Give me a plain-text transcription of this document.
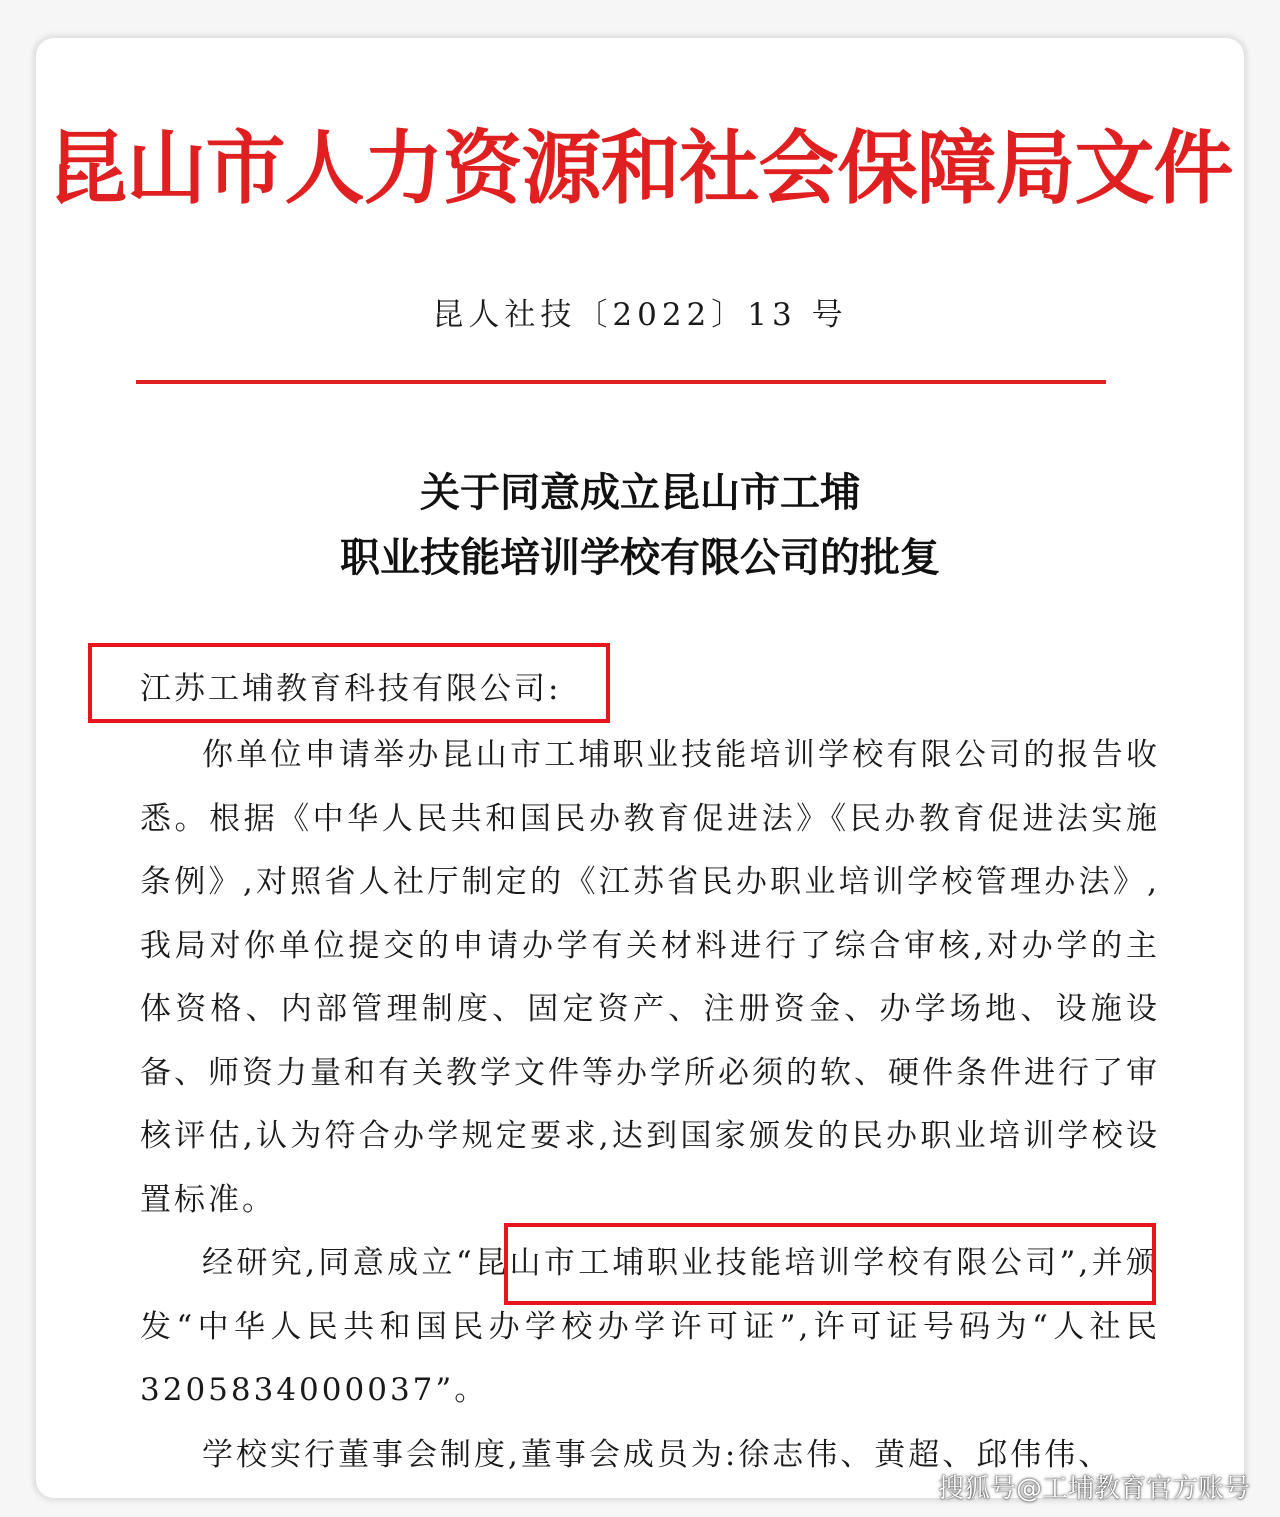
昆山市人力资源和社会保障局文件
昆人社技〔2022〕13 号
关于同意成立昆山市工埔
职业技能培训学校有限公司的批复
江苏工埔教育科技有限公司:
你单位申请举办昆山市工埔职业技能培训学校有限公司的报告收悉。根据《中华人民共和国民办教育促进法》《民办教育促进法实施条例》,对照省人社厅制定的《江苏省民办职业培训学校管理办法》,我局对你单位提交的申请办学有关材料进行了综合审核,对办学的主体资格、内部管理制度、固定资产、注册资金、办学场地、设施设备、师资力量和有关教学文件等办学所必须的软、硬件条件进行了审核评估,认为符合办学规定要求,达到国家颁发的民办职业培训学校设置标准。
经研究,同意成立“昆山市工埔职业技能培训学校有限公司”,并颁发“中华人民共和国民办学校办学许可证”,许可证号码为“人社民 3205834000037”。
学校实行董事会制度,董事会成员为:徐志伟、黄超、邱伟伟、
搜狐号@工埔教育官方账号
